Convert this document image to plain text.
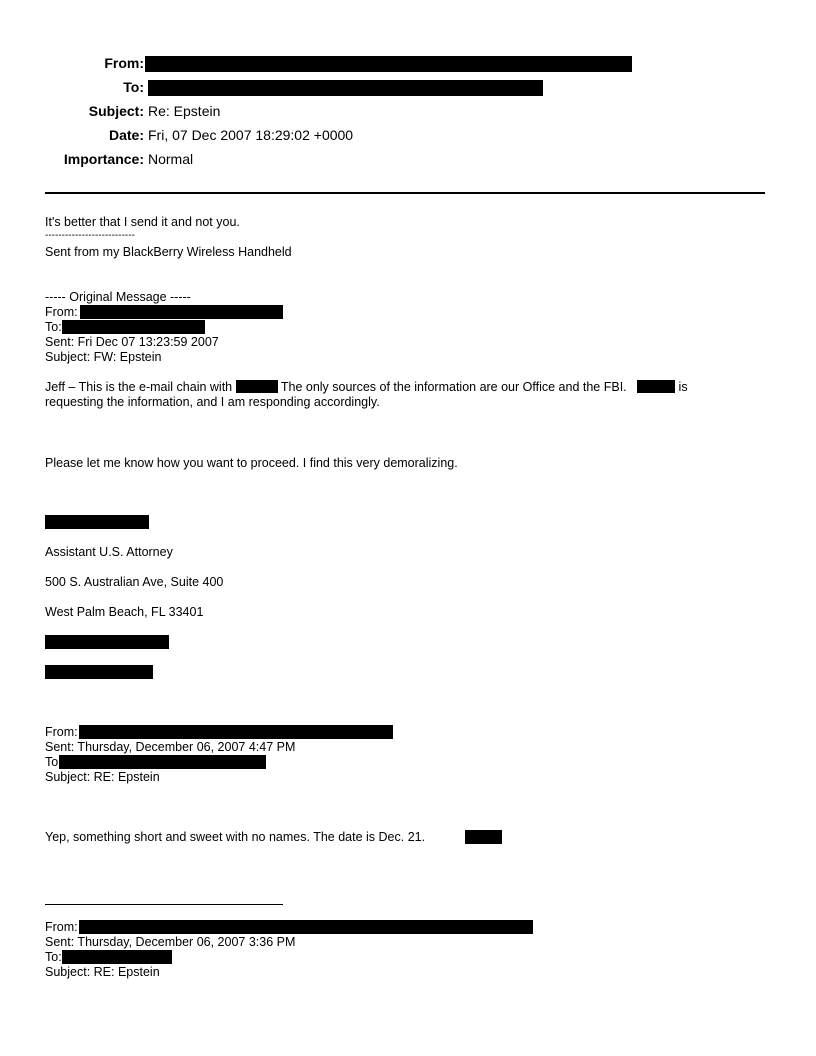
From:
To:
Subject: Re: Epstein
Date: Fri, 07 Dec 2007 18:29:02 +0000
Importance: Normal
It's better that I send it and not you.
---------------------------
Sent from my BlackBerry Wireless Handheld
----- Original Message -----
From:
To:
Sent: Fri Dec 07 13:23:59 2007
Subject: FW: Epstein
Jeff – This is the e-mail chain with	The only sources of the information are our Office and the FBI.	is requesting the information, and I am responding accordingly.
Please let me know how you want to proceed. I find this very demoralizing.
Assistant U.S. Attorney
500 S. Australian Ave, Suite 400
West Palm Beach, FL 33401
From:
Sent: Thursday, December 06, 2007 4:47 PM
To
Subject: RE: Epstein
Yep, something short and sweet with no names. The date is Dec. 21.
From:
Sent: Thursday, December 06, 2007 3:36 PM
To:
Subject: RE: Epstein
